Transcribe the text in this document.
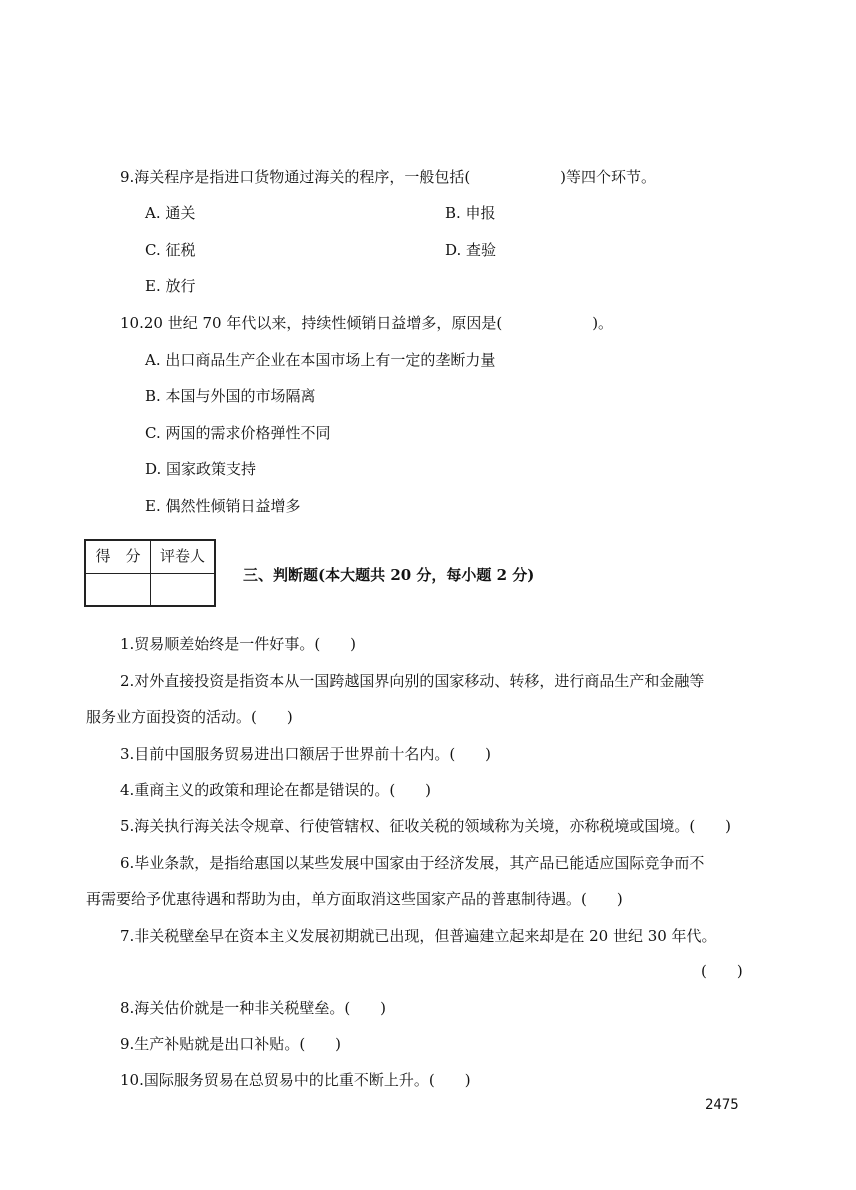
9.海关程序是指进口货物通过海关的程序，一般包括(　　　　　　)等四个环节。
A. 通关	B. 申报
C. 征税	D. 查验
E. 放行
10.20 世纪 70 年代以来，持续性倾销日益增多，原因是(　　　　　　)。
A. 出口商品生产企业在本国市场上有一定的垄断力量
B. 本国与外国的市场隔离
C. 两国的需求价格弹性不同
D. 国家政策支持
E. 偶然性倾销日益增多
得　分	评卷人
三、判断题(本大题共 20 分，每小题 2 分)
1.贸易顺差始终是一件好事。(　　)
2.对外直接投资是指资本从一国跨越国界向别的国家移动、转移，进行商品生产和金融等
服务业方面投资的活动。(　　)
3.目前中国服务贸易进出口额居于世界前十名内。(　　)
4.重商主义的政策和理论在都是错误的。(　　)
5.海关执行海关法令规章、行使管辖权、征收关税的领域称为关境，亦称税境或国境。(　　)
6.毕业条款，是指给惠国以某些发展中国家由于经济发展，其产品已能适应国际竞争而不
再需要给予优惠待遇和帮助为由，单方面取消这些国家产品的普惠制待遇。(　　)
7.非关税壁垒早在资本主义发展初期就已出现，但普遍建立起来却是在 20 世纪 30 年代。
(　　)
8.海关估价就是一种非关税壁垒。(　　)
9.生产补贴就是出口补贴。(　　)
10.国际服务贸易在总贸易中的比重不断上升。(　　)
2475
